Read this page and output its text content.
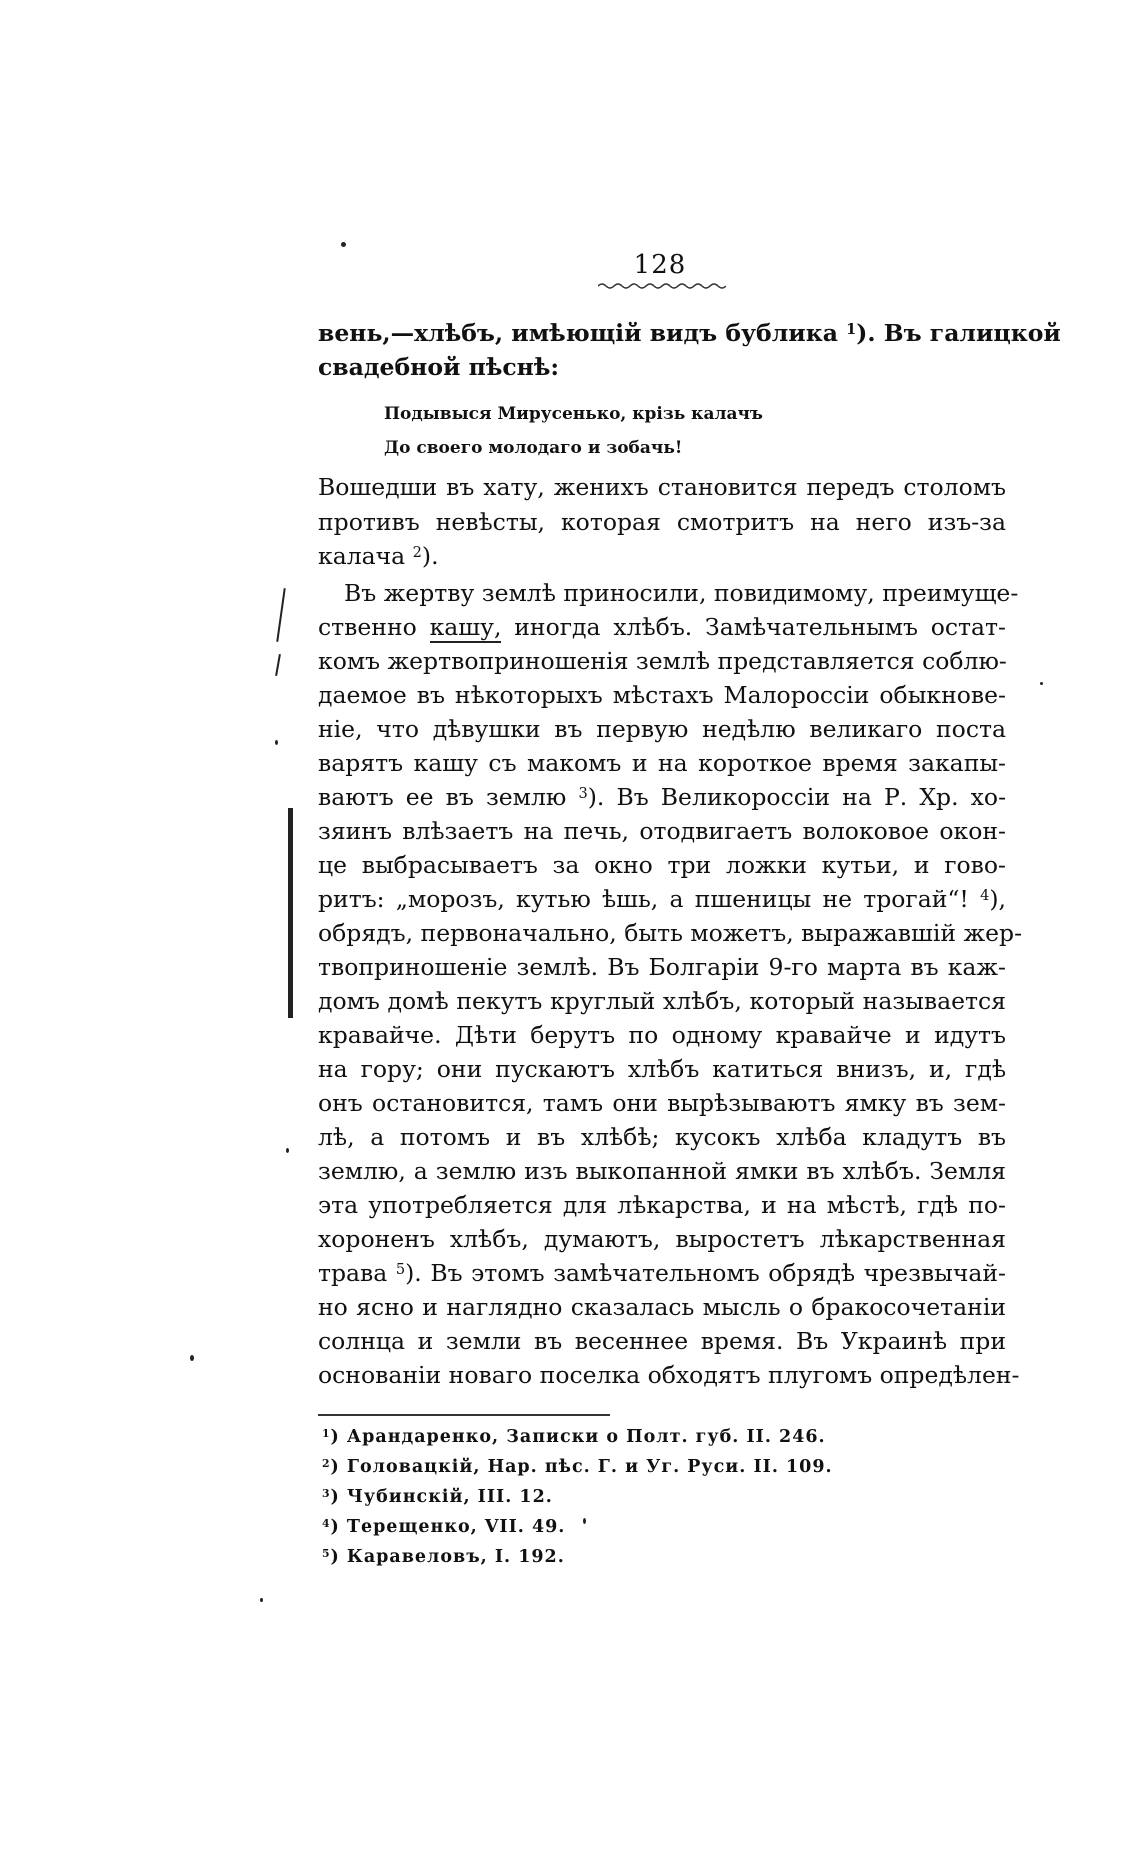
128
вень,—хлѣбъ, имѣющій видъ бублика $^1$). Въ галицкой
свадебной пѣснѣ:
Вошедши въ хату, женихъ становится передъ столомъ
противъ невѣсты, которая смотритъ на него изъ-за
калача $^2$).
Въ жертву землѣ приносили, повидимому, преимуще-
ственно кашу, иногда хлѣбъ. Замѣчательнымъ остат-
комъ жертвоприношенія землѣ представляется соблю-
даемое въ нѣкоторыхъ мѣстахъ Малороссіи обыкнове-
ніе, что дѣвушки въ первую недѣлю великаго поста
варятъ кашу съ макомъ и на короткое время закапы-
ваютъ ее въ землю $^3$). Въ Великороссіи на Р. Хр. хо-
зяинъ влѣзаетъ на печь, отодвигаетъ волоковое окон-
це выбрасываетъ за окно три ложки кутьи, и гово-
ритъ: „морозъ, кутью ѣшь, а пшеницы не трогай“! $^4$),
обрядъ, первоначально, быть можетъ, выражавшій жер-
твоприношеніе землѣ. Въ Болгаріи 9-го марта въ каж-
домъ домѣ пекутъ круглый хлѣбъ, который называется
кравайче. Дѣти берутъ по одному кравайче и идутъ
на гору; они пускаютъ хлѣбъ катиться внизъ, и, гдѣ
онъ остановится, тамъ они вырѣзываютъ ямку въ зем-
лѣ, а потомъ и въ хлѣбѣ; кусокъ хлѣба кладутъ въ
землю, а землю изъ выкопанной ямки въ хлѣбъ. Земля
эта употребляется для лѣкарства, и на мѣстѣ, гдѣ по-
хороненъ хлѣбъ, думаютъ, выростетъ лѣкарственная
трава $^5$). Въ этомъ замѣчательномъ обрядѣ чрезвычай-
но ясно и наглядно сказалась мысль о бракосочетаніи
солнца и земли въ весеннее время. Въ Украинѣ при
основаніи новаго поселка обходятъ плугомъ опредѣлен-
Подывыся Мирусенько, крізь калачъ
До своего молодаго и зобачь!
$^1$) Арандаренко, Записки о Полт. губ. II. 246.
$^2$) Головацкій, Нар. пѣс. Г. и Уг. Руси. II. 109.
$^3$) Чубинскій, III. 12.
$^4$) Терещенко, VII. 49.
$^5$) Каравеловъ, I. 192.
